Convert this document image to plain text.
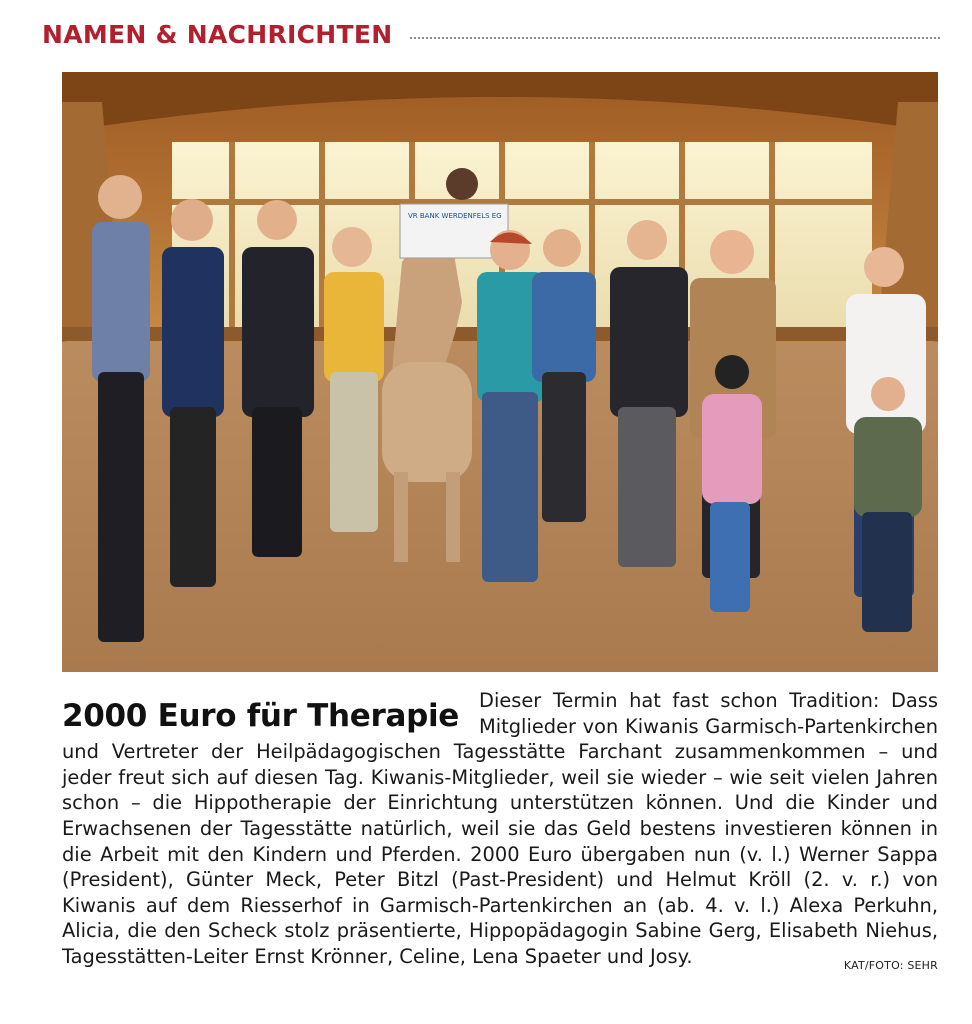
NAMEN & NACHRICHTEN
VR BANK WERDENFELS EG

2000 Euro für Therapie Dieser Termin hat fast schon Tradition: Dass Mitglieder von Kiwanis Garmisch-Partenkirchen und Vertreter der Heilpädagogischen Tagesstätte Farchant zusammenkommen – und jeder freut sich auf diesen Tag. Kiwanis-Mitglieder, weil sie wieder – wie seit vielen Jahren schon – die Hippotherapie der Einrichtung unterstützen können. Und die Kinder und Erwachsenen der Tagesstätte natürlich, weil sie das Geld bestens investieren können in die Arbeit mit den Kindern und Pferden. 2000 Euro übergaben nun (v. l.) Werner Sappa (President), Günter Meck, Peter Bitzl (Past-President) und Helmut Kröll (2. v. r.) von Kiwanis auf dem Riesserhof in Garmisch-Partenkirchen an (ab. 4. v. l.) Alexa Perkuhn, Alicia, die den Scheck stolz präsentierte, Hippopädagogin Sabine Gerg, Elisabeth Niehus, Tagesstätten-Leiter Ernst Krönner, Celine, Lena Spaeter und Josy.	KAT/FOTO: SEHR
